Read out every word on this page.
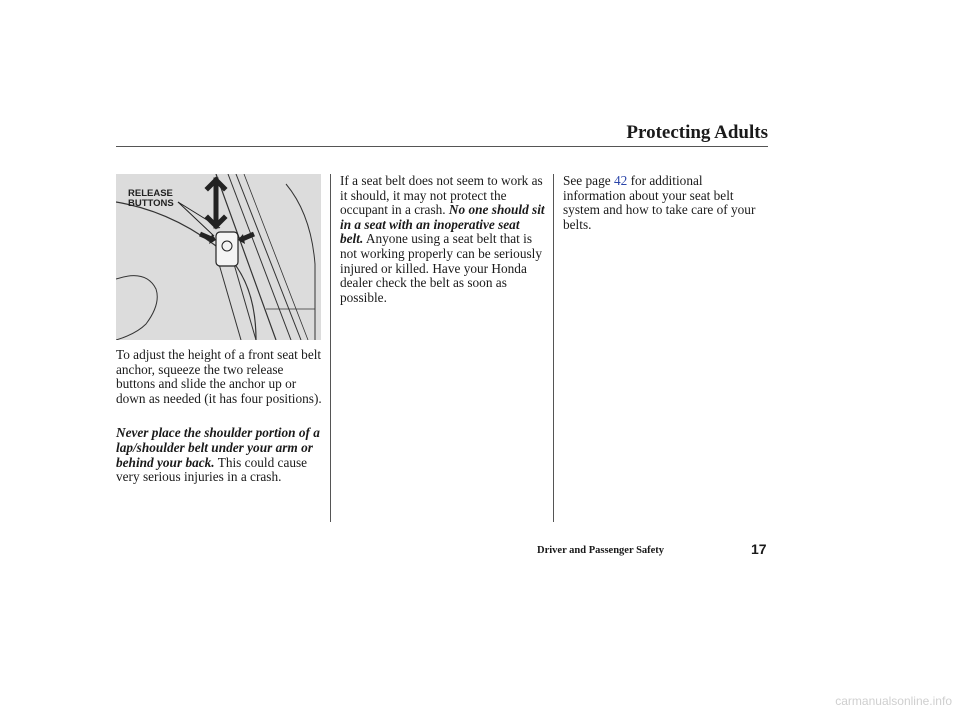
Protecting Adults
RELEASE
BUTTONS

To adjust the height of a front seat belt anchor, squeeze the two release buttons and slide the anchor up or down as needed (it has four positions).

Never place the shoulder portion of a lap/shoulder belt under your arm or behind your back. This could cause very serious injuries in a crash.

If a seat belt does not seem to work as it should, it may not protect the occupant in a crash. No one should sit in a seat with an inoperative seat belt. Anyone using a seat belt that is not working properly can be seriously injured or killed. Have your Honda dealer check the belt as soon as possible.

See page 42 for additional information about your seat belt system and how to take care of your belts.

Driver and Passenger Safety	17
carmanualsonline.info
